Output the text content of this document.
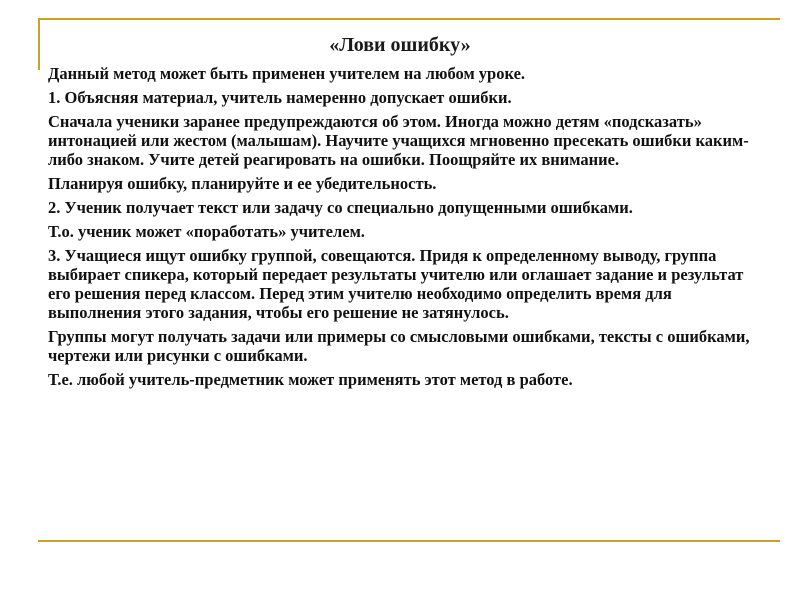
«Лови ошибку»

Данный метод может быть применен учителем на любом уроке.

1. Объясняя материал, учитель намеренно допускает ошибки.

Сначала ученики заранее предупреждаются об этом. Иногда можно детям «подсказать» интонацией или жестом (малышам). Научите учащихся мгновенно пресекать ошибки каким-либо знаком. Учите детей реагировать на ошибки. Поощряйте их внимание.

Планируя ошибку, планируйте и ее убедительность.

2. Ученик получает текст или задачу со специально допущенными ошибками.

Т.о. ученик может «поработать» учителем.

3. Учащиеся ищут ошибку группой, совещаются. Придя к определенному выводу, группа выбирает спикера, который передает результаты учителю или оглашает задание и результат его решения перед классом. Перед этим учителю необходимо определить время для выполнения этого задания, чтобы его решение не затянулось.

Группы могут получать задачи или примеры со смысловыми ошибками, тексты с ошибками, чертежи или рисунки с ошибками.

Т.е. любой учитель-предметник может применять этот метод в работе.
